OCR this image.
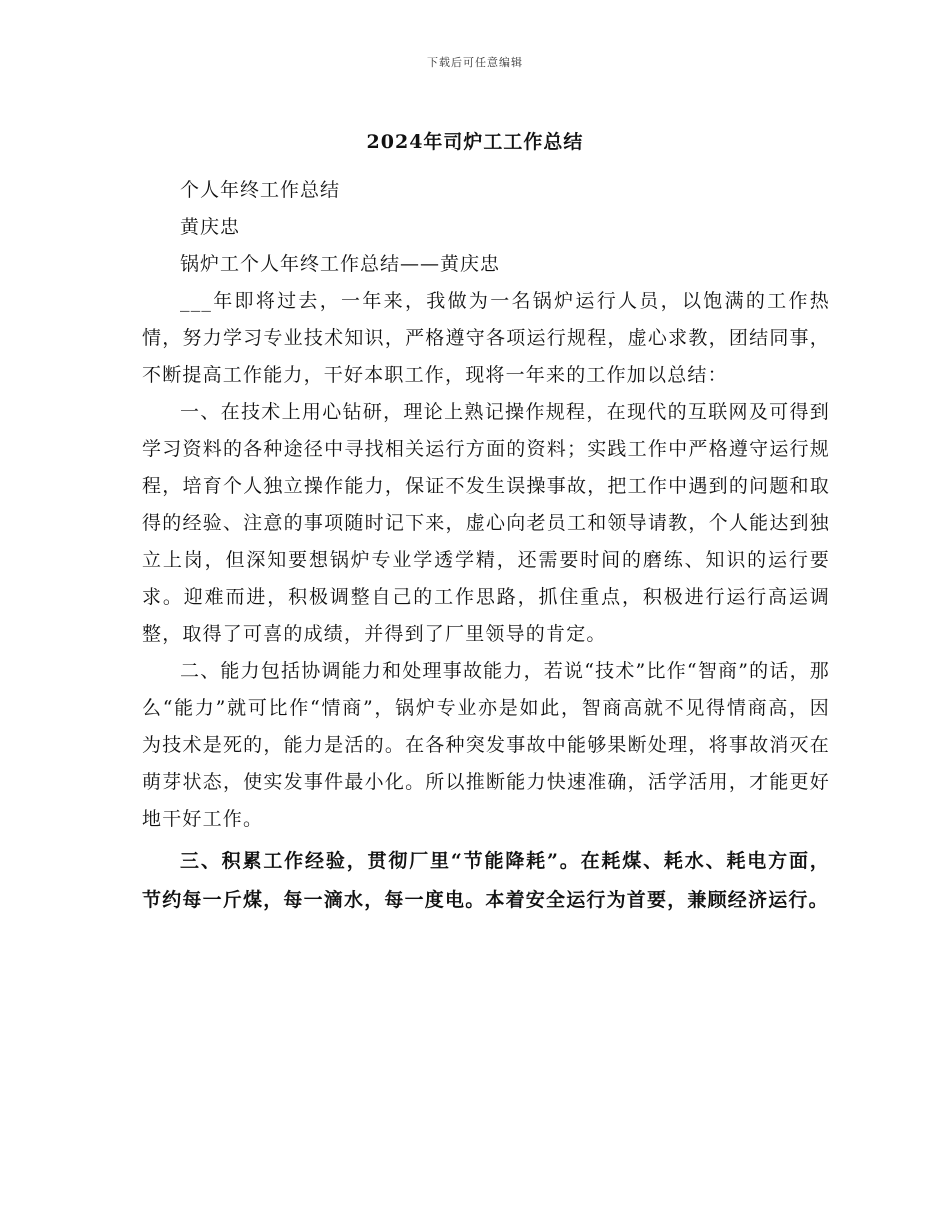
下载后可任意编辑
2024年司炉工工作总结

个人年终工作总结

黄庆忠

锅炉工个人年终工作总结——黄庆忠

___年即将过去，一年来，我做为一名锅炉运行人员，以饱满的工作热情，努力学习专业技术知识，严格遵守各项运行规程，虚心求教，团结同事，不断提高工作能力，干好本职工作，现将一年来的工作加以总结：

一、在技术上用心钻研，理论上熟记操作规程，在现代的互联网及可得到学习资料的各种途径中寻找相关运行方面的资料；实践工作中严格遵守运行规程，培育个人独立操作能力，保证不发生误操事故，把工作中遇到的问题和取得的经验、注意的事项随时记下来，虚心向老员工和领导请教，个人能达到独立上岗，但深知要想锅炉专业学透学精，还需要时间的磨练、知识的运行要求。迎难而进，积极调整自己的工作思路，抓住重点，积极进行运行高运调整，取得了可喜的成绩，并得到了厂里领导的肯定。

二、能力包括协调能力和处理事故能力，若说“技术”比作“智商”的话，那么“能力”就可比作“情商”，锅炉专业亦是如此，智商高就不见得情商高，因为技术是死的，能力是活的。在各种突发事故中能够果断处理，将事故消灭在萌芽状态，使实发事件最小化。所以推断能力快速准确，活学活用，才能更好地干好工作。

三、积累工作经验，贯彻厂里“节能降耗”。在耗煤、耗水、耗电方面，节约每一斤煤，每一滴水，每一度电。本着安全运行为首要，兼顾经济运行。
